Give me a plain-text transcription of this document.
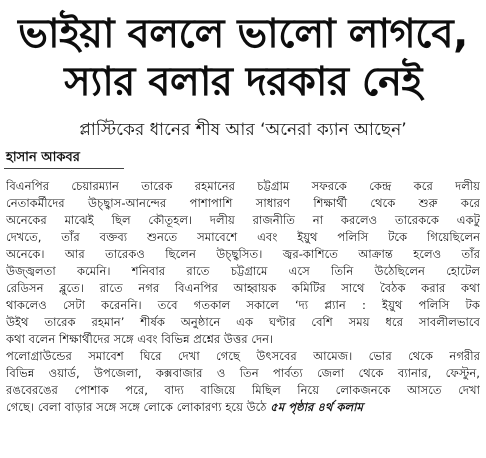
ভাইয়া বললে ভালো লাগবে,
স্যার বলার দরকার নেই
প্লাস্টিকের ধানের শীষ আর ‘অনেরা ক্যান আছেন’
হাসান আকবর
বিএনপির চেয়ারম্যান তারেক রহমানের চট্টগ্রাম সফরকে কেন্দ্র করে দলীয়
নেতাকর্মীদের উচ্ছ্বাস-আনন্দের পাশাপাশি সাধারণ শিক্ষার্থী থেকে শুরু করে
অনেকের মাঝেই ছিল কৌতূহল। দলীয় রাজনীতি না করলেও তারেককে একটু
দেখতে, তাঁর বক্তব্য শুনতে সমাবেশে এবং ইয়ুথ পলিসি টকে গিয়েছিলেন
অনেকে। আর তারেকও ছিলেন উচ্ছ্বসিত। জ্বর-কাশিতে আক্রান্ত হলেও তাঁর
উজ্জ্বলতা কমেনি। শনিবার রাতে চট্টগ্রামে এসে তিনি উঠেছিলেন হোটেল
রেডিসন ব্লুতে। রাতে নগর বিএনপির আহ্বায়ক কমিটির সাথে বৈঠক করার কথা
থাকলেও সেটা করেননি। তবে গতকাল সকালে ‘দ্য প্ল্যান : ইয়ুথ পলিসি টক
উইথ তারেক রহমান’ শীর্ষক অনুষ্ঠানে এক ঘণ্টার বেশি সময় ধরে সাবলীলভাবে
কথা বলেন শিক্ষার্থীদের সঙ্গে এবং বিভিন্ন প্রশ্নের উত্তর দেন।
পলোগ্রাউন্ডের সমাবেশ ঘিরে দেখা গেছে উৎসবের আমেজ। ভোর থেকে নগরীর
বিভিন্ন ওয়ার্ড, উপজেলা, কক্সবাজার ও তিন পার্বত্য জেলা থেকে ব্যানার, ফেস্টুন,
রঙবেরঙের পোশাক পরে, বাদ্য বাজিয়ে মিছিল নিয়ে লোকজনকে আসতে দেখা
গেছে। বেলা বাড়ার সঙ্গে সঙ্গে লোকে লোকারণ্য হয়ে উঠে ৫ম পৃষ্ঠার ৪র্থ কলাম
